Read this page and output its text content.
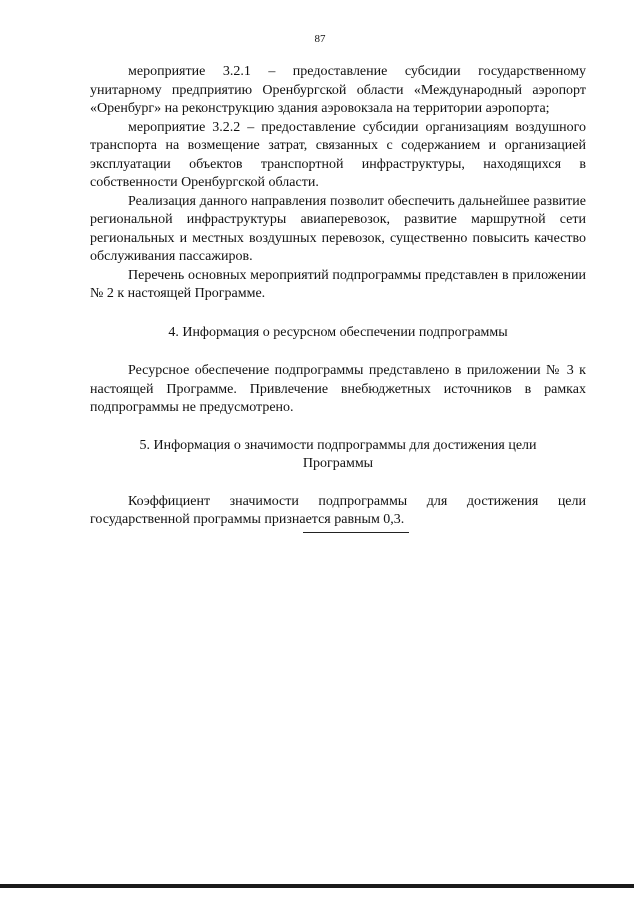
87

мероприятие 3.2.1 – предоставление субсидии государственному унитарному предприятию Оренбургской области «Международный аэропорт «Оренбург» на реконструкцию здания аэровокзала на территории аэропорта;

мероприятие 3.2.2 – предоставление субсидии организациям воздушного транспорта на возмещение затрат, связанных с содержанием и организацией эксплуатации объектов транспортной инфраструктуры, находящихся в собственности Оренбургской области.

Реализация данного направления позволит обеспечить дальнейшее развитие региональной инфраструктуры авиаперевозок, развитие маршрутной сети региональных и местных воздушных перевозок, существенно повысить качество обслуживания пассажиров.

Перечень основных мероприятий подпрограммы представлен в приложении № 2 к настоящей Программе.

4. Информация о ресурсном обеспечении подпрограммы

Ресурсное обеспечение подпрограммы представлено в приложении № 3 к настоящей Программе. Привлечение внебюджетных источников в рамках подпрограммы не предусмотрено.

5. Информация о значимости подпрограммы для достижения цели Программы

Коэффициент значимости подпрограммы для достижения цели государственной программы признается равным 0,3.
